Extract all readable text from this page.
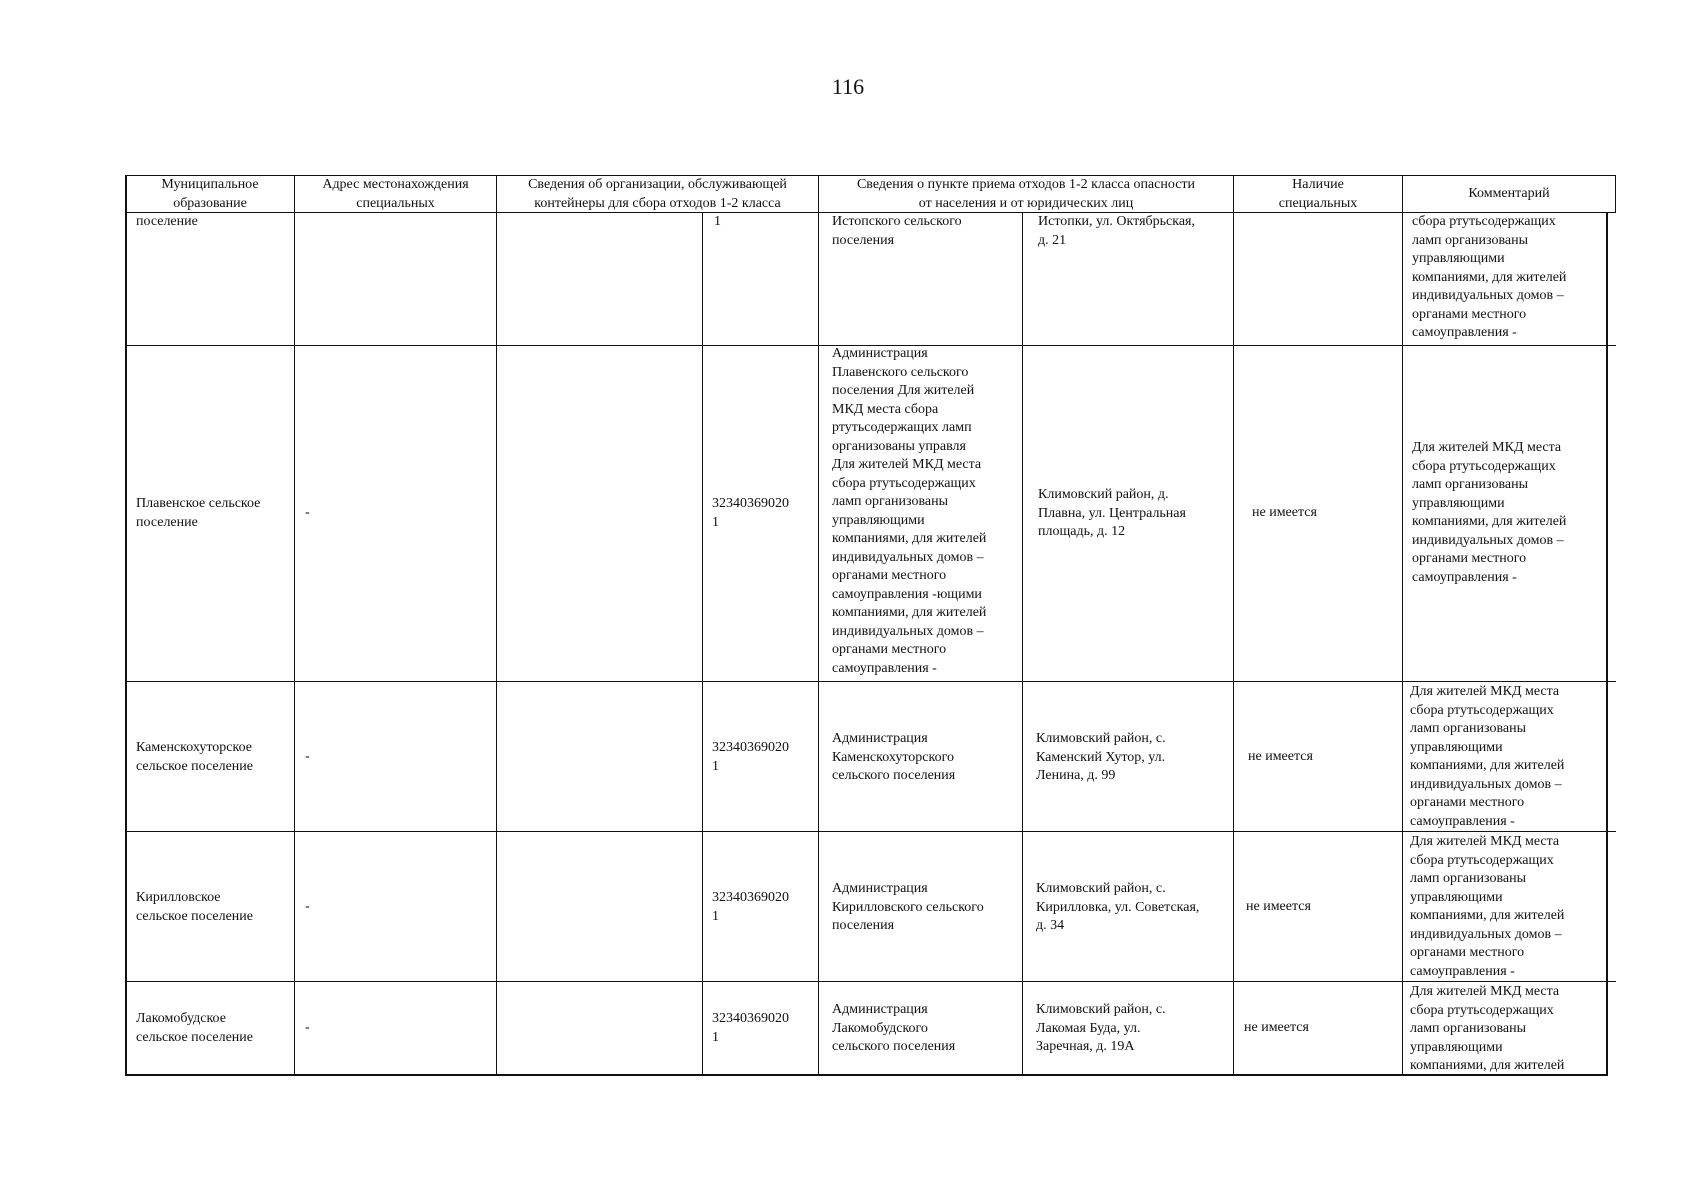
116
Муниципальное
образование
Адрес местонахождения
специальных
Сведения об организации, обслуживающей
контейнеры для сбора отходов 1-2 класса
Сведения о пункте приема отходов 1-2 класса опасности
от населения и от юридических лиц
Наличие
специальных
Комментарий
поселение	1	Истопского сельского
поселения
Истопки, ул. Октябрьская,
д. 21
сбора ртутьсодержащих
ламп организованы
управляющими
компаниями, для жителей
индивидуальных домов –
органами местного
самоуправления -
Плавенское сельское
поселение
-
32340369020
1
Администрация
Плавенского сельского
поселения Для жителей
МКД места сбора
ртутьсодержащих ламп
организованы управля
Для жителей МКД места
сбора ртутьсодержащих
ламп организованы
управляющими
компаниями, для жителей
индивидуальных домов –
органами местного
самоуправления -ющими
компаниями, для жителей
индивидуальных домов –
органами местного
самоуправления -
Климовский район, д.
Плавна, ул. Центральная
площадь, д. 12
не имеется
Для жителей МКД места
сбора ртутьсодержащих
ламп организованы
управляющими
компаниями, для жителей
индивидуальных домов –
органами местного
самоуправления -
Каменскохуторское
сельское поселение
-
32340369020
1
Администрация
Каменскохуторского
сельского поселения
Климовский район, с.
Каменский Хутор, ул.
Ленина, д. 99
не имеется
Для жителей МКД места
сбора ртутьсодержащих
ламп организованы
управляющими
компаниями, для жителей
индивидуальных домов –
органами местного
самоуправления -
Кирилловское
сельское поселение
-
32340369020
1
Администрация
Кирилловского сельского
поселения
Климовский район, с.
Кирилловка, ул. Советская,
д. 34
не имеется
Для жителей МКД места
сбора ртутьсодержащих
ламп организованы
управляющими
компаниями, для жителей
индивидуальных домов –
органами местного
самоуправления -
Лакомобудское
сельское поселение
-
32340369020
1
Администрация
Лакомобудского
сельского поселения
Климовский район, с.
Лакомая Буда, ул.
Заречная, д. 19А
не имеется
Для жителей МКД места
сбора ртутьсодержащих
ламп организованы
управляющими
компаниями, для жителей
